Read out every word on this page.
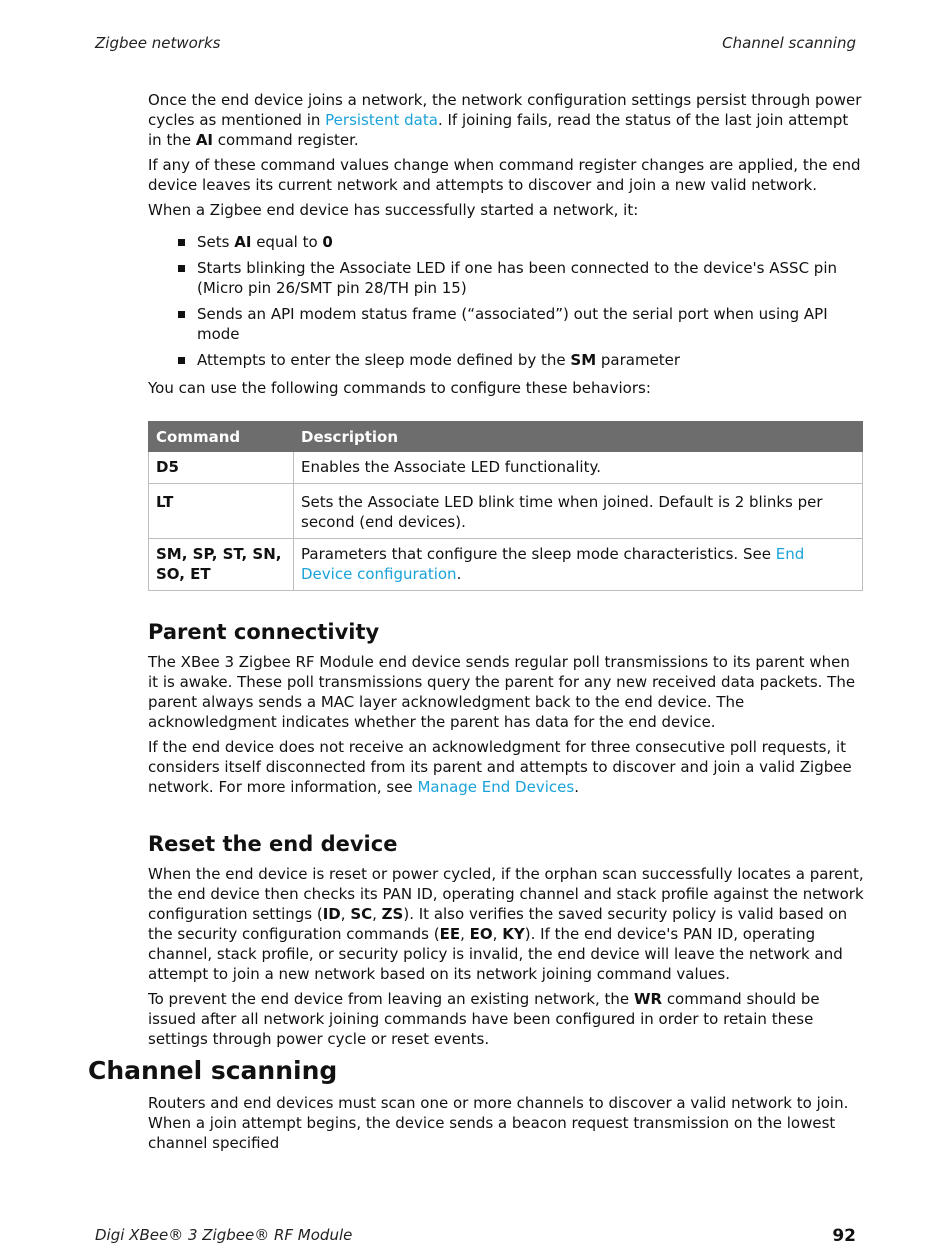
Zigbee networks	Channel scanning

Once the end device joins a network, the network configuration settings persist through power cycles as mentioned in Persistent data. If joining fails, read the status of the last join attempt in the AI command register.

If any of these command values change when command register changes are applied, the end device leaves its current network and attempts to discover and join a new valid network.

When a Zigbee end device has successfully started a network, it:

Sets AI equal to 0
Starts blinking the Associate LED if one has been connected to the device's ASSC pin (Micro pin 26/SMT pin 28/TH pin 15)
Sends an API modem status frame (“associated”) out the serial port when using API mode
Attempts to enter the sleep mode defined by the SM parameter

You can use the following commands to configure these behaviors:

Command	Description
D5	Enables the Associate LED functionality.
LT	Sets the Associate LED blink time when joined. Default is 2 blinks per second (end devices).
SM, SP, ST, SN, SO, ET	Parameters that configure the sleep mode characteristics. See End Device configuration.
Parent connectivity

The XBee 3 Zigbee RF Module end device sends regular poll transmissions to its parent when it is awake. These poll transmissions query the parent for any new received data packets. The parent always sends a MAC layer acknowledgment back to the end device. The acknowledgment indicates whether the parent has data for the end device.

If the end device does not receive an acknowledgment for three consecutive poll requests, it considers itself disconnected from its parent and attempts to discover and join a valid Zigbee network. For more information, see Manage End Devices.

Reset the end device

When the end device is reset or power cycled, if the orphan scan successfully locates a parent, the end device then checks its PAN ID, operating channel and stack profile against the network configuration settings (ID, SC, ZS). It also verifies the saved security policy is valid based on the security configuration commands (EE, EO, KY). If the end device's PAN ID, operating channel, stack profile, or security policy is invalid, the end device will leave the network and attempt to join a new network based on its network joining command values.

To prevent the end device from leaving an existing network, the WR command should be issued after all network joining commands have been configured in order to retain these settings through power cycle or reset events.

Channel scanning

Routers and end devices must scan one or more channels to discover a valid network to join. When a join attempt begins, the device sends a beacon request transmission on the lowest channel specified

Digi XBee® 3 Zigbee® RF Module	92
